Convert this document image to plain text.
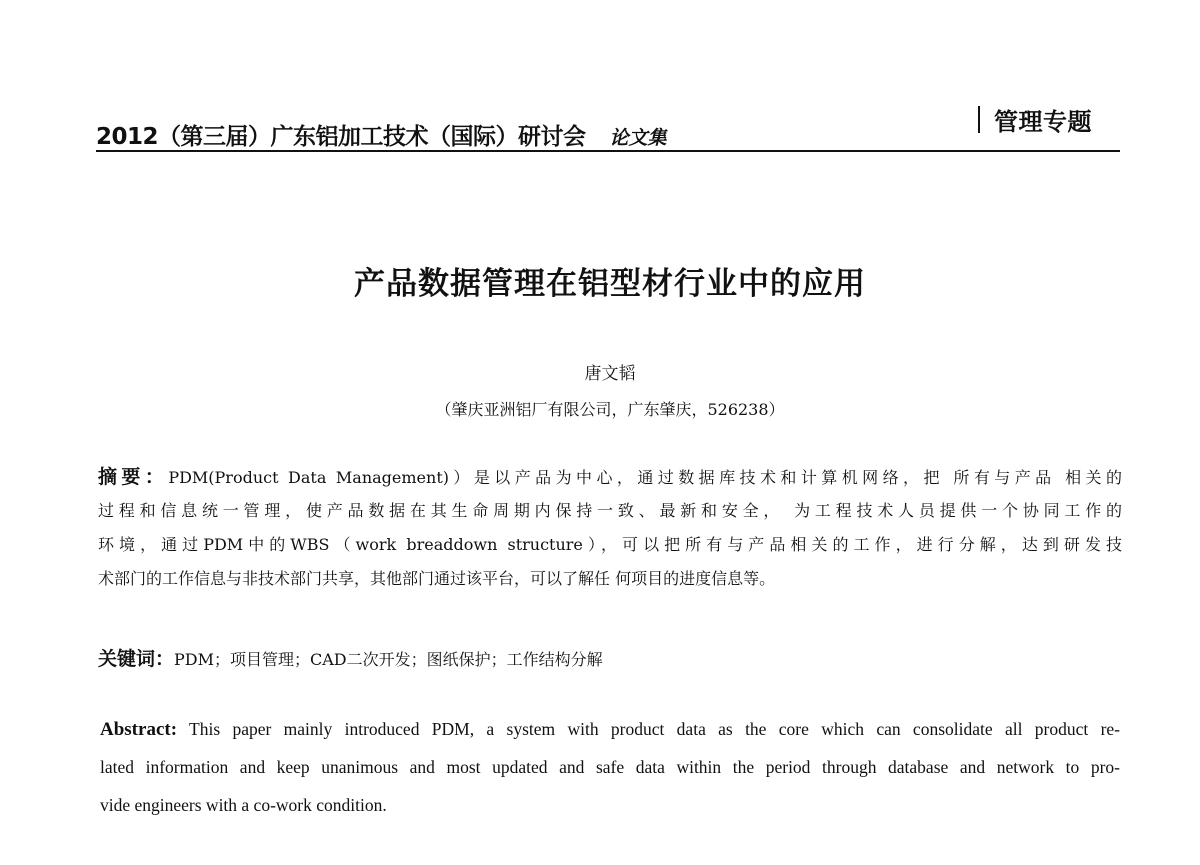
2012（第三届）广东铝加工技术（国际）研讨会 论文集
管理专题
产品数据管理在铝型材行业中的应用
唐文韬
（肇庆亚洲铝厂有限公司，广东肇庆，526238）
摘要：PDM(Product Data Management)）是以产品为中心，通过数据库技术和计算机网络，把 所有与产品 相关的
过程和信息统一管理，使产品数据在其生命周期内保持一致、最新和安全， 为工程技术人员提供一个协同工作的
环境，通过PDM中的WBS（work breaddown structure），可以把所有与产品相关的工作，进行分解，达到研发技
术部门的工作信息与非技术部门共享，其他部门通过该平台，可以了解任 何项目的进度信息等。
关键词：PDM；项目管理；CAD二次开发；图纸保护；工作结构分解
Abstract: This paper mainly introduced PDM, a system with product data as the core which can consolidate all product re-
lated information and keep unanimous and most updated and safe data within the period through database and network to pro-
vide engineers with a co-work condition.
